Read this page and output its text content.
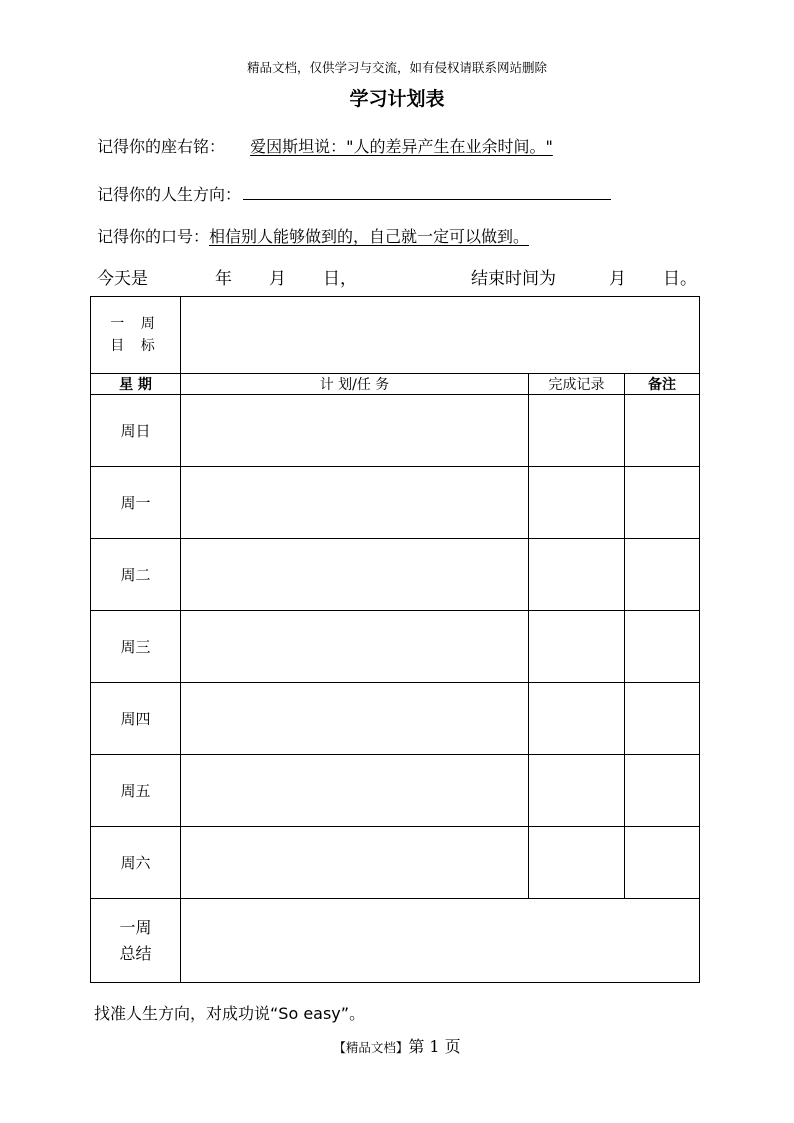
精品文档，仅供学习与交流，如有侵权请联系网站删除
学习计划表
记得你的座右铭： 爱因斯坦说："人的差异产生在业余时间。"
记得你的人生方向：
记得你的口号：相信别人能够做到的，自己就一定可以做到。
今天是	年 月 日，	结束时间为	月 日。
一 周
目 标			

星 期	计 划/任 务	完成记录	备注
周日			
周一			
周二			
周三			
周四			
周五			
周六			

一周
总结			

找准人生方向，对成功说“So easy”。
【精品文档】第 1 页
